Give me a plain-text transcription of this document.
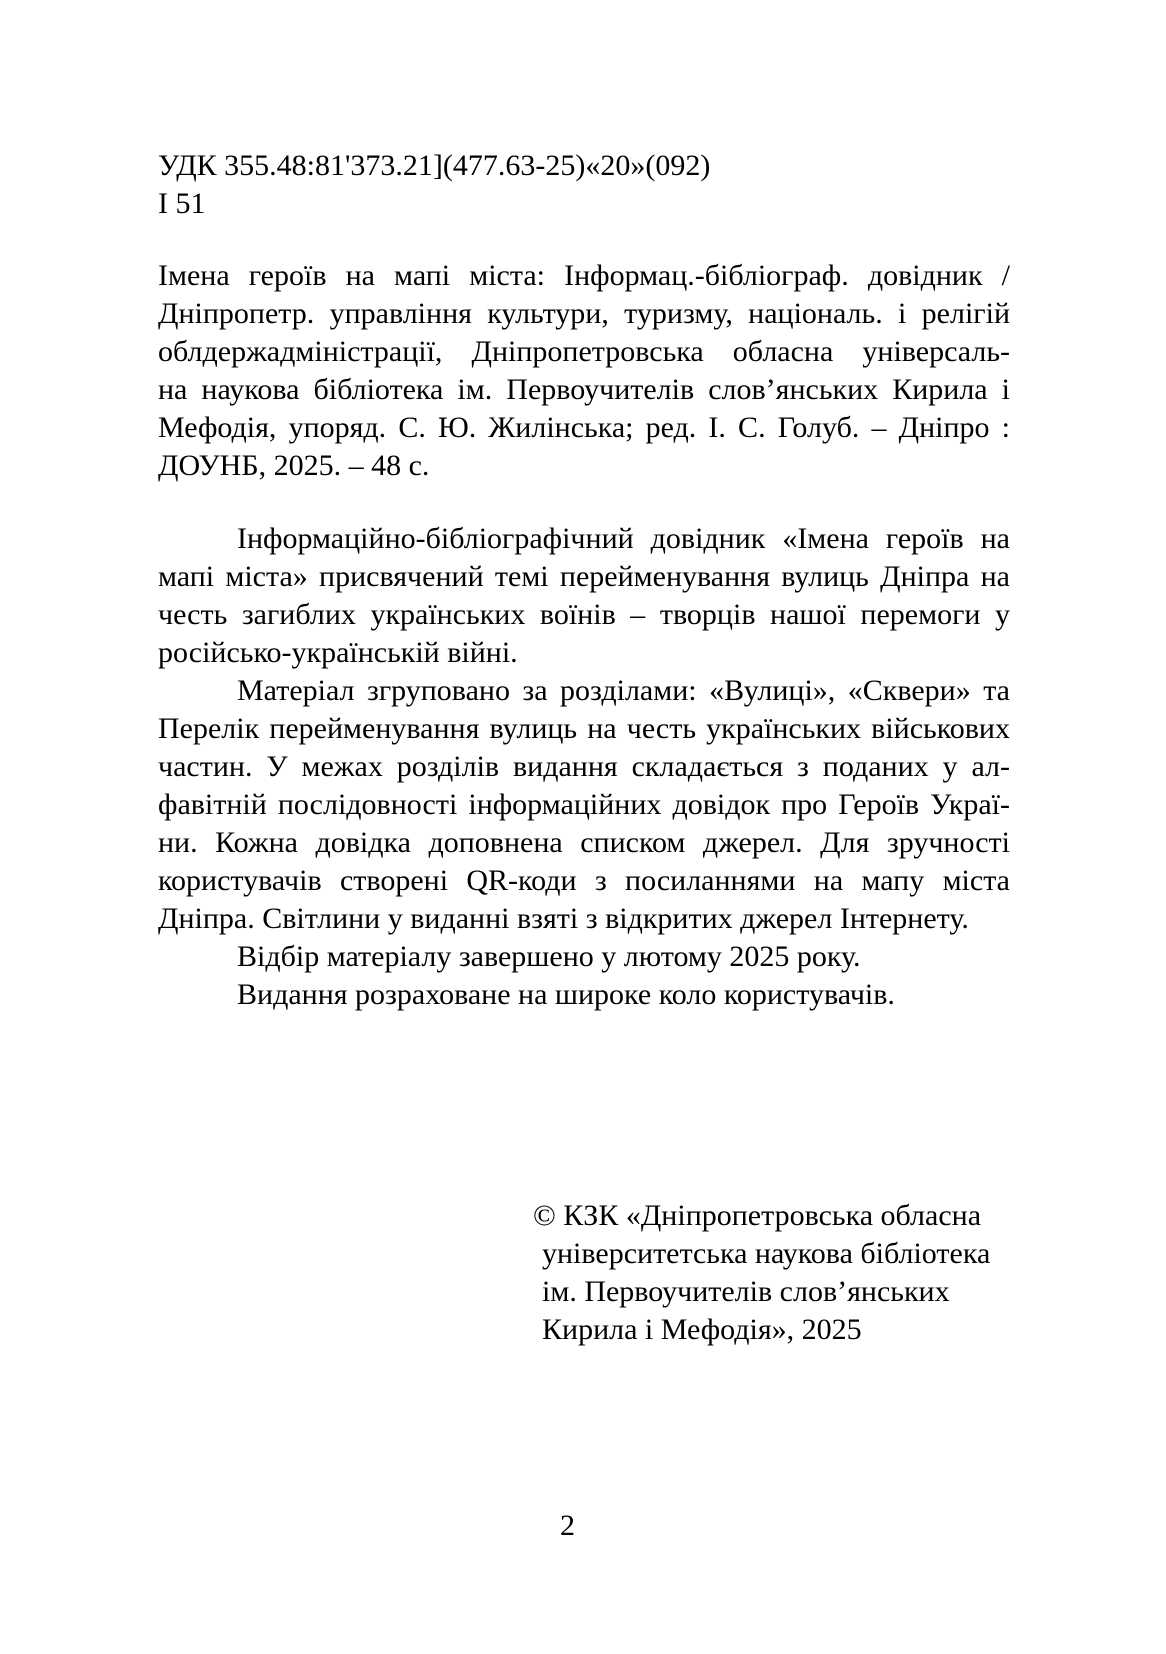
УДК 355.48:81'373.21](477.63-25)«20»(092)
І 51
Імена героїв на мапі міста: Інформац.-бібліограф. довідник /
Дніпропетр. управління культури, туризму, національ. і релігій
облдержадміністрації, Дніпропетровська обласна універсаль-
на наукова бібліотека ім. Первоучителів слов’янських Кирила і
Мефодія, упоряд. С. Ю. Жилінська; ред. І. С. Голуб. – Дніпро :
ДОУНБ, 2025. – 48 с.
Інформаційно-бібліографічний довідник «Імена героїв на
мапі міста» присвячений темі перейменування вулиць Дніпра на
честь загиблих українських воїнів – творців нашої перемоги у
російсько-українській війні.
Матеріал згруповано за розділами: «Вулиці», «Сквери» та
Перелік перейменування вулиць на честь українських військових
частин. У межах розділів видання складається з поданих у ал-
фавітній послідовності інформаційних довідок про Героїв Украї-
ни. Кожна довідка доповнена списком джерел. Для зручності
користувачів створені QR-коди з посиланнями на мапу міста
Дніпра. Світлини у виданні взяті з відкритих джерел Інтернету.
Відбір матеріалу завершено у лютому 2025 року.
Видання розраховане на широке коло користувачів.
© КЗК «Дніпропетровська обласна
університетська наукова бібліотека
ім. Первоучителів слов’янських
Кирила і Мефодія», 2025
2
